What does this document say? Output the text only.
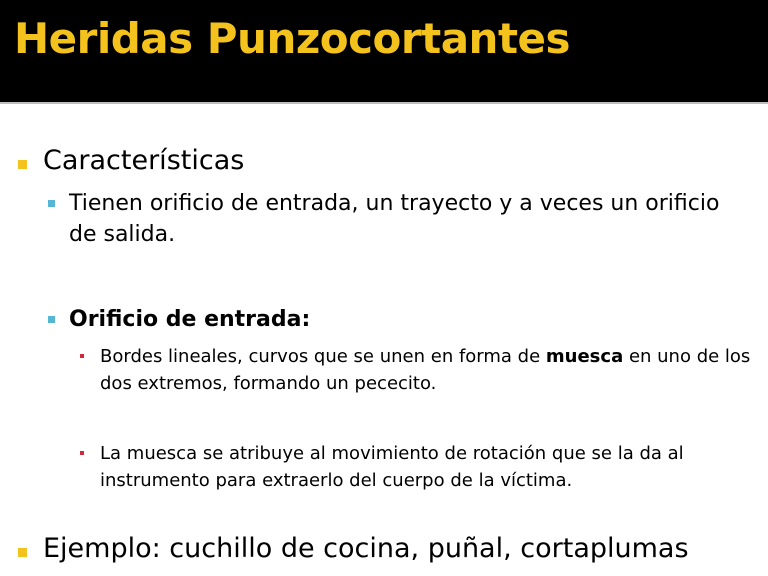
Heridas Punzocortantes
Características
Tienen orificio de entrada, un trayecto y a veces un orificio de salida.
Orificio de entrada:
Bordes lineales, curvos que se unen en forma de muesca en uno de los dos extremos, formando un pececito.
La muesca se atribuye al movimiento de rotación que se la da al instrumento para extraerlo del cuerpo de la víctima.
Ejemplo: cuchillo de cocina, puñal, cortaplumas
